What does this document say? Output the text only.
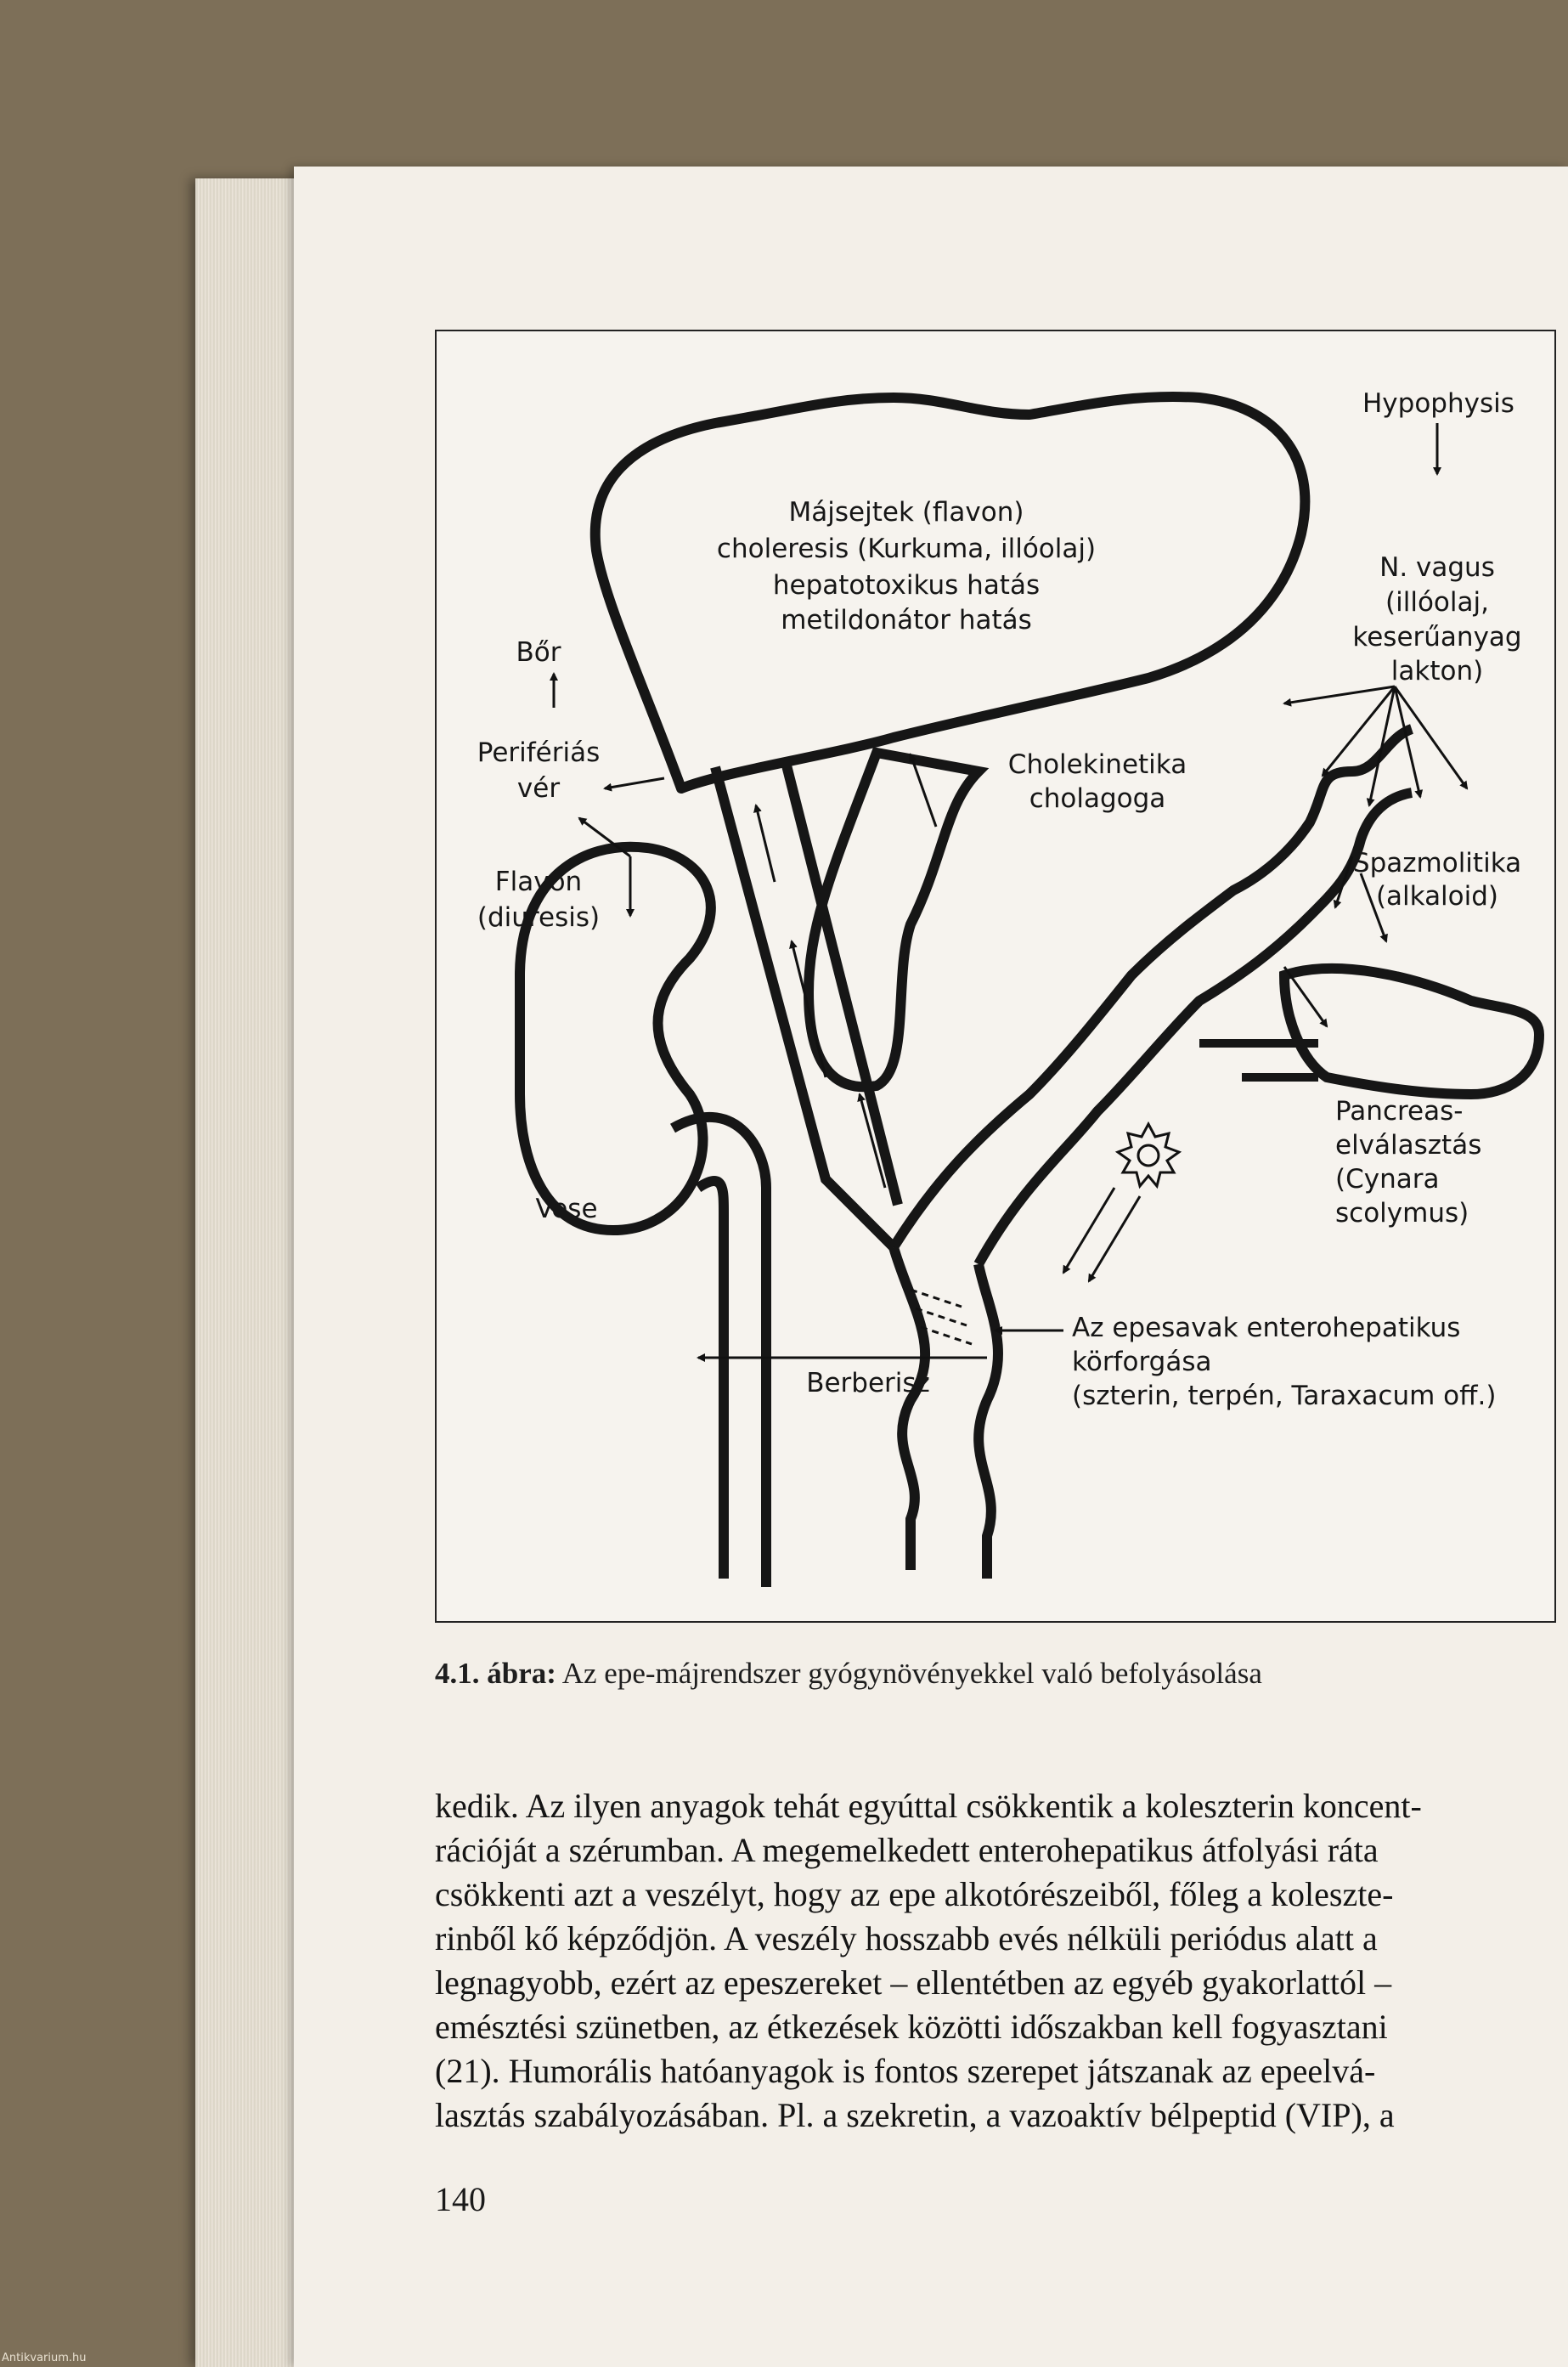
Hypophysis
Májsejtek (flavon)
choleresis (Kurkuma, illóolaj)
hepatotoxikus hatás
metildonátor hatás
N. vagus
(illóolaj,
keserűanyag
lakton)
Bőr
Perifériás
vér
Cholekinetika
cholagoga
Spazmolitika
(alkaloid)
Flavon
(diuresis)
Pancreas-
elválasztás
(Cynara
scolymus)
Vese
Az epesavak enterohepatikus
körforgása
(szterin, terpén, Taraxacum off.)
Berberisz
4.1. ábra: Az epe-májrendszer gyógynövényekkel való befolyásolása

kedik. Az ilyen anyagok tehát egyúttal csökkentik a koleszterin koncent-

rációját a szérumban. A megemelkedett enterohepatikus átfolyási ráta

csökkenti azt a veszélyt, hogy az epe alkotórészeiből, főleg a koleszte-

rinből kő képződjön. A veszély hosszabb evés nélküli periódus alatt a

legnagyobb, ezért az epeszereket – ellentétben az egyéb gyakorlattól –

emésztési szünetben, az étkezések közötti időszakban kell fogyasztani

(21). Humorális hatóanyagok is fontos szerepet játszanak az epeelvá-

lasztás szabályozásában. Pl. a szekretin, a vazoaktív bélpeptid (VIP), a

140
Antikvarium.hu
